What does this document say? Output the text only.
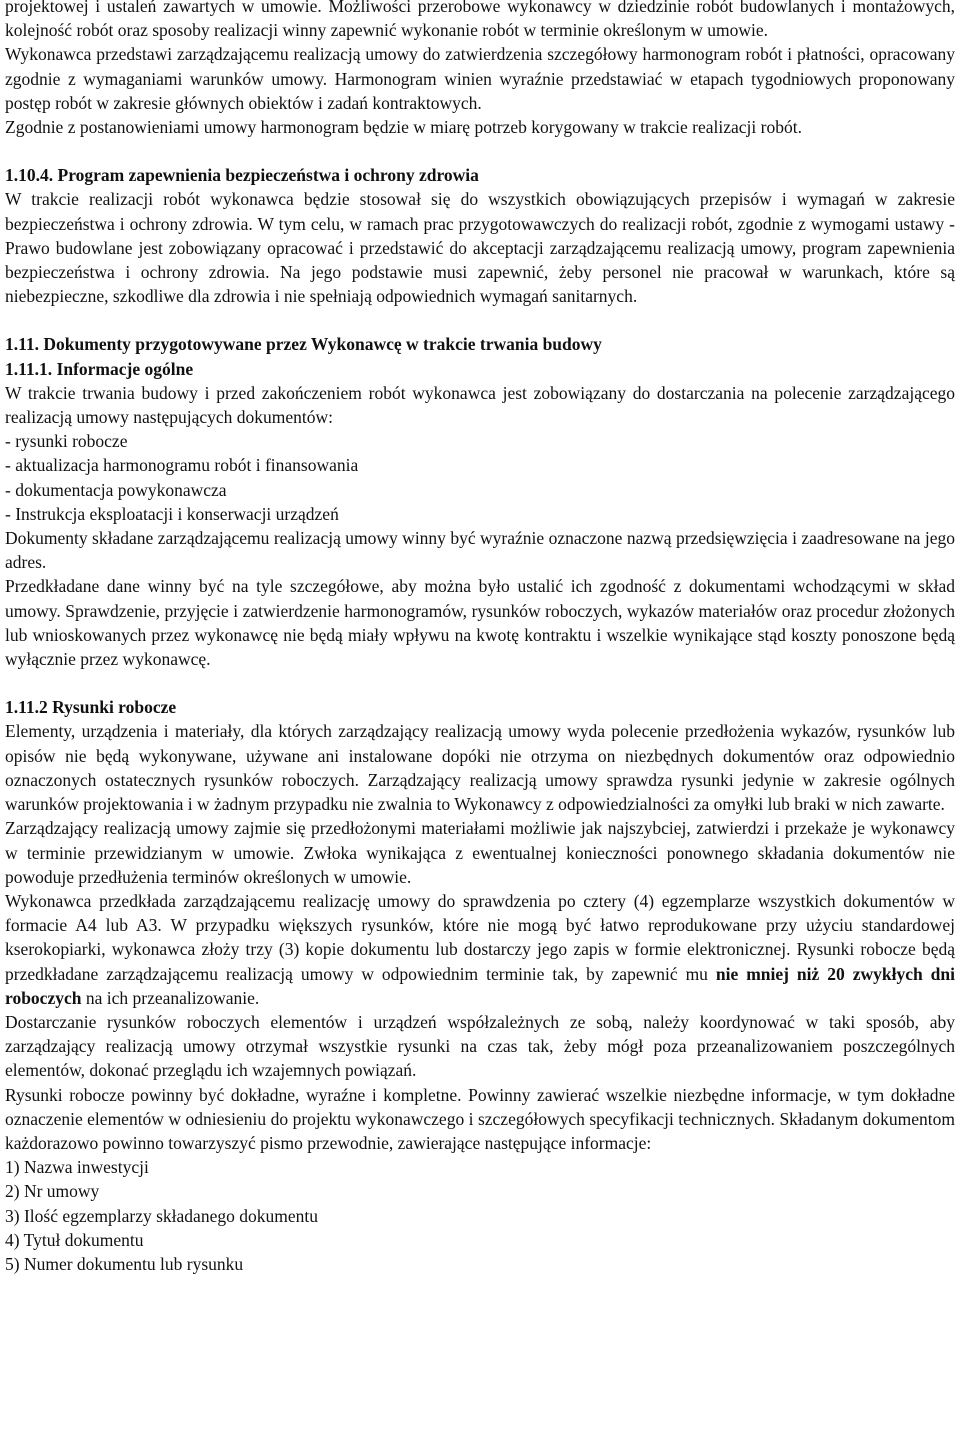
projektowej i ustaleń zawartych w umowie. Możliwości przerobowe wykonawcy w dziedzinie robót budowlanych i montażowych, kolejność robót oraz sposoby realizacji winny zapewnić wykonanie robót w terminie określonym w umowie.

Wykonawca przedstawi zarządzającemu realizacją umowy do zatwierdzenia szczegółowy harmonogram robót i płatności, opracowany zgodnie z wymaganiami warunków umowy. Harmonogram winien wyraźnie przedstawiać w etapach tygodniowych proponowany postęp robót w zakresie głównych obiektów i zadań kontraktowych.

Zgodnie z postanowieniami umowy harmonogram będzie w miarę potrzeb korygowany w trakcie realizacji robót.

1.10.4. Program zapewnienia bezpieczeństwa i ochrony zdrowia

W trakcie realizacji robót wykonawca będzie stosował się do wszystkich obowiązujących przepisów i wymagań w zakresie bezpieczeństwa i ochrony zdrowia. W tym celu, w ramach prac przygotowawczych do realizacji robót, zgodnie z wymogami ustawy - Prawo budowlane jest zobowiązany opracować i przedstawić do akceptacji zarządzającemu realizacją umowy, program zapewnienia bezpieczeństwa i ochrony zdrowia. Na jego podstawie musi zapewnić, żeby personel nie pracował w warunkach, które są niebezpieczne, szkodliwe dla zdrowia i nie spełniają odpowiednich wymagań sanitarnych.

1.11. Dokumenty przygotowywane przez Wykonawcę w trakcie trwania budowy

1.11.1. Informacje ogólne

W trakcie trwania budowy i przed zakończeniem robót wykonawca jest zobowiązany do dostarczania na polecenie zarządzającego realizacją umowy następujących dokumentów:

- rysunki robocze

- aktualizacja harmonogramu robót i finansowania

- dokumentacja powykonawcza

- Instrukcja eksploatacji i konserwacji urządzeń

Dokumenty składane zarządzającemu realizacją umowy winny być wyraźnie oznaczone nazwą przedsięwzięcia i zaadresowane na jego adres.

Przedkładane dane winny być na tyle szczegółowe, aby można było ustalić ich zgodność z dokumentami wchodzącymi w skład umowy. Sprawdzenie, przyjęcie i zatwierdzenie harmonogramów, rysunków roboczych, wykazów materiałów oraz procedur złożonych lub wnioskowanych przez wykonawcę nie będą miały wpływu na kwotę kontraktu i wszelkie wynikające stąd koszty ponoszone będą wyłącznie przez wykonawcę.

1.11.2 Rysunki robocze

Elementy, urządzenia i materiały, dla których zarządzający realizacją umowy wyda polecenie przedłożenia wykazów, rysunków lub opisów nie będą wykonywane, używane ani instalowane dopóki nie otrzyma on niezbędnych dokumentów oraz odpowiednio oznaczonych ostatecznych rysunków roboczych. Zarządzający realizacją umowy sprawdza rysunki jedynie w zakresie ogólnych warunków projektowania i w żadnym przypadku nie zwalnia to Wykonawcy z odpowiedzialności za omyłki lub braki w nich zawarte.

Zarządzający realizacją umowy zajmie się przedłożonymi materiałami możliwie jak najszybciej, zatwierdzi i przekaże je wykonawcy w terminie przewidzianym w umowie. Zwłoka wynikająca z ewentualnej konieczności ponownego składania dokumentów nie powoduje przedłużenia terminów określonych w umowie.

Wykonawca przedkłada zarządzającemu realizację umowy do sprawdzenia po cztery (4) egzemplarze wszystkich dokumentów w formacie A4 lub A3. W przypadku większych rysunków, które nie mogą być łatwo reprodukowane przy użyciu standardowej kserokopiarki, wykonawca złoży trzy (3) kopie dokumentu lub dostarczy jego zapis w formie elektronicznej. Rysunki robocze będą przedkładane zarządzającemu realizacją umowy w odpowiednim terminie tak, by zapewnić mu nie mniej niż 20 zwykłych dni roboczych na ich przeanalizowanie.

Dostarczanie rysunków roboczych elementów i urządzeń współzależnych ze sobą, należy koordynować w taki sposób, aby zarządzający realizacją umowy otrzymał wszystkie rysunki na czas tak, żeby mógł poza przeanalizowaniem poszczególnych elementów, dokonać przeglądu ich wzajemnych powiązań.

Rysunki robocze powinny być dokładne, wyraźne i kompletne. Powinny zawierać wszelkie niezbędne informacje, w tym dokładne oznaczenie elementów w odniesieniu do projektu wykonawczego i szczegółowych specyfikacji technicznych. Składanym dokumentom każdorazowo powinno towarzyszyć pismo przewodnie, zawierające następujące informacje:

1) Nazwa inwestycji

2) Nr umowy

3) Ilość egzemplarzy składanego dokumentu

4) Tytuł dokumentu

5) Numer dokumentu lub rysunku
